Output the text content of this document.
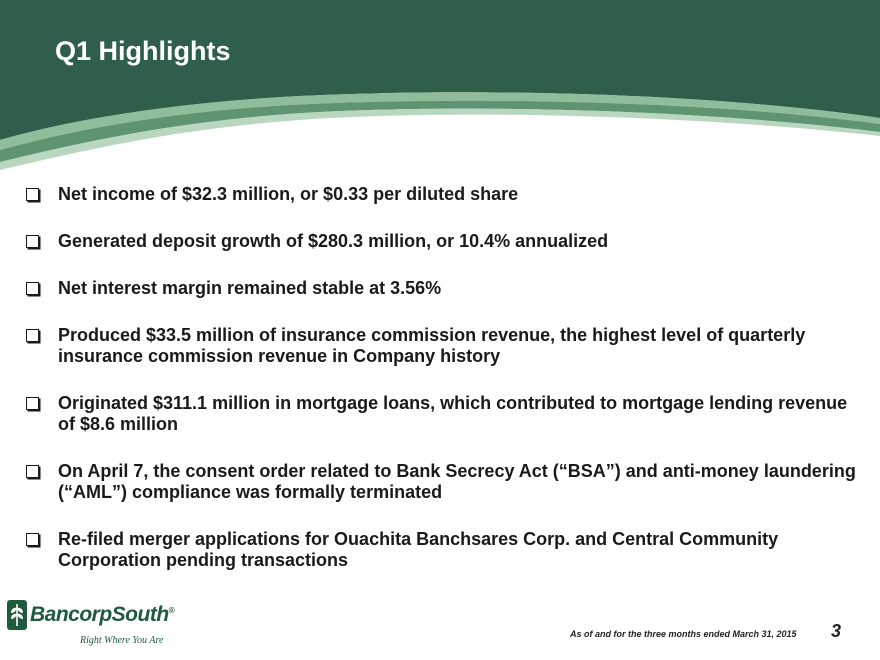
Q1 Highlights
Net income of $32.3 million, or $0.33 per diluted share
Generated deposit growth of $280.3 million, or 10.4% annualized
Net interest margin remained stable at 3.56%
Produced $33.5 million of insurance commission revenue, the highest level of quarterly insurance commission revenue in Company history
Originated $311.1 million in mortgage loans, which contributed to mortgage lending revenue of $8.6 million
On April 7, the consent order related to Bank Secrecy Act (“BSA”) and anti-money laundering (“AML”) compliance was formally terminated
Re-filed merger applications for Ouachita Banchsares Corp. and Central Community Corporation pending transactions
BancorpSouth®
Right Where You Are
As of and for the three months ended March 31, 2015 3
